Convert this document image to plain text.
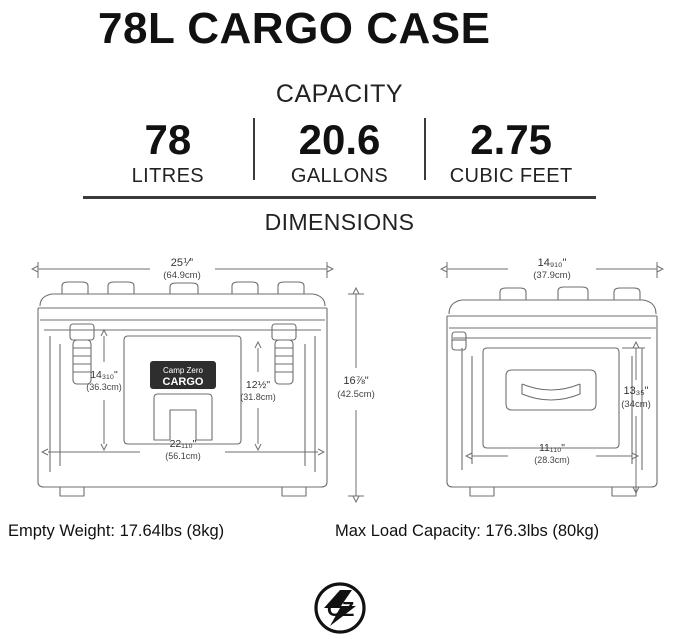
78L CARGO CASE
CAPACITY
78
LITRES
20.6
GALLONS
2.75
CUBIC FEET
DIMENSIONS
Camp Zero
CARGO
25⅟"
(64.9cm)
16⅞"
(42.5cm)
14₃₁₀"
(36.3cm)	12½"
(31.8cm)
22₁₁₀"
(56.1cm)
14₉₁₀"
(37.9cm)
13₃₅"
(34cm)
11₁₁₀"
(28.3cm)
Empty Weight: 17.64lbs (8kg)	Max Load Capacity: 176.3lbs (80kg)
C Z
